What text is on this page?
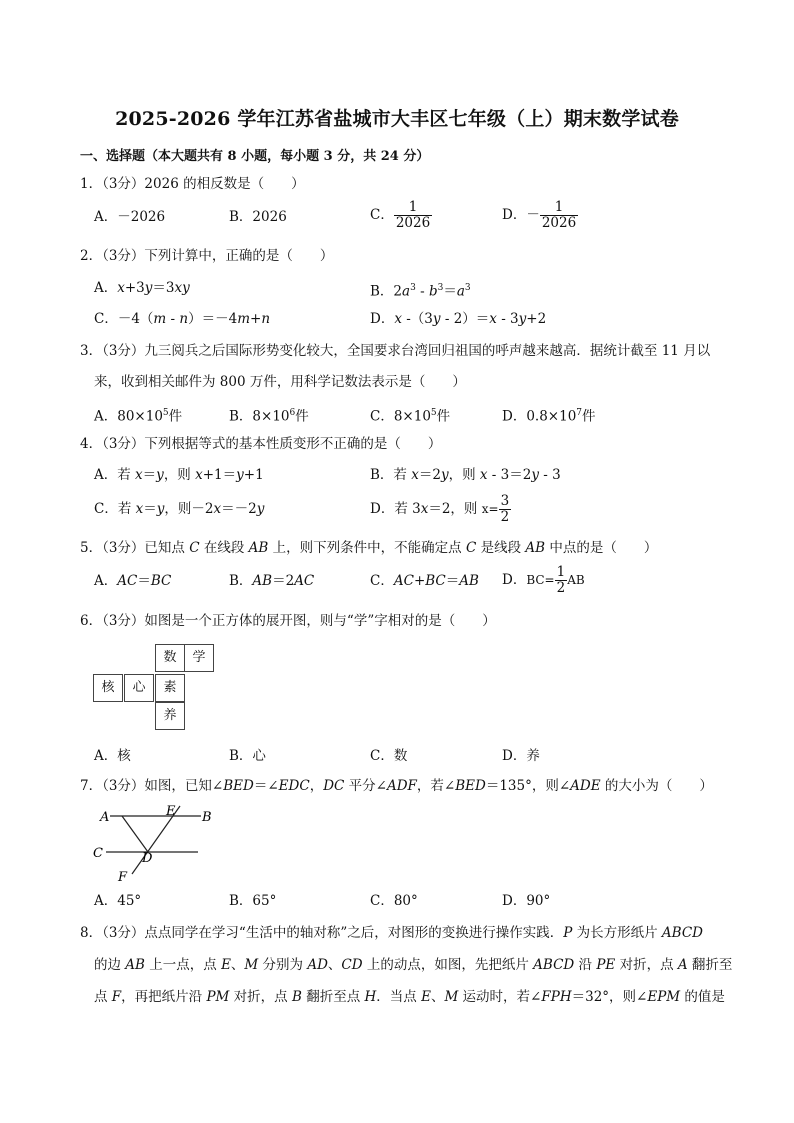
2025-2026 学年江苏省盐城市大丰区七年级（上）期末数学试卷
一、选择题（本大题共有 8 小题，每小题 3 分，共 24 分）
1．（3分）2026 的相反数是（　　）
A．－2026	B．2026	C． $\frac{1}{2026}$	D．－ $\frac{1}{2026}$
2．（3分）下列计算中，正确的是（　　）
A．x+3y＝3xy	B．$2a^3 - b^3=a^3$
C．－4（m - n）＝－4m+n	D．x -（3y - 2）＝x - 3y+2
3．（3分）九三阅兵之后国际形势变化较大，全国要求台湾回归祖国的呼声越来越高．据统计截至 11 月以
来，收到相关邮件为 800 万件，用科学记数法表示是（　　）
A．$80\times 10^5$件	B．$8\times 10^6$件	C．$8\times 10^5$件	D．$0.8\times 10^7$件
4．（3分）下列根据等式的基本性质变形不正确的是（　　）
A．若 x＝y，则 x+1＝y+1	B．若 x＝2y，则 x - 3＝2y - 3
C．若 x＝y，则－2x＝－2y	D．若 3x＝2，则 $x= \frac{3}{2}$
5．（3分）已知点 C 在线段 AB 上，则下列条件中，不能确定点 C 是线段 AB 中点的是（　　）
A．AC＝BC	B．AB＝2AC	C．AC+BC＝AB D．$BC= \frac{1}{2}$ AB
6．（3分）如图是一个正方体的展开图，则与“学”字相对的是（　　）
数	学
核	心	素
养
A．核	B．心	C．数	D．养
7．（3分）如图，已知∠BED＝∠EDC，DC 平分∠ADF，若∠BED＝135°，则∠ADE 的大小为（　　）
A	E B
C	D
F
A．45°	B．65°	C．80°	D．90°
8．（3分）点点同学在学习“生活中的轴对称”之后，对图形的变换进行操作实践．P 为长方形纸片 ABCD
的边 AB 上一点，点 E、M 分别为 AD、CD 上的动点，如图，先把纸片 ABCD 沿 PE 对折，点 A 翻折至
点 F，再把纸片沿 PM 对折，点 B 翻折至点 H．当点 E、M 运动时，若∠FPH＝32°，则∠EPM 的值是
